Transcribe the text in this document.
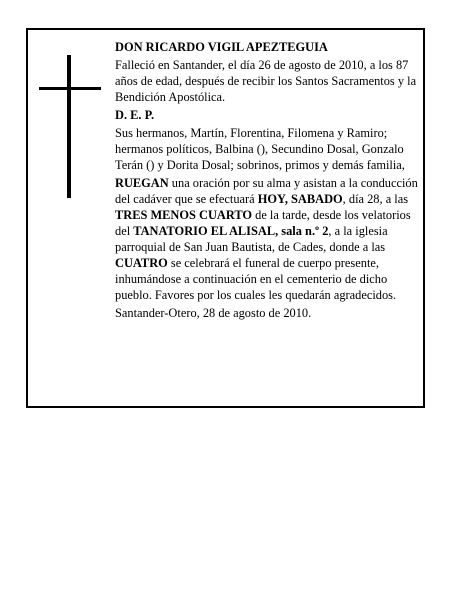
DON RICARDO VIGIL APEZTEGUIA

Falleció en Santander, el día 26 de agosto de 2010, a los 87 años de edad, después de recibir los Santos Sacramentos y la Bendición Apostólica.

D. E. P.

Sus hermanos, Martín, Florentina, Filomena y Ramiro; hermanos políticos, Balbina (), Secundino Dosal, Gonzalo Terán () y Dorita Dosal; sobrinos, primos y demás familia,

RUEGAN una oración por su alma y asistan a la conducción del cadáver que se efectuará HOY, SABADO, día 28, a las TRES MENOS CUARTO de la tarde, desde los velatorios del TANATORIO EL ALISAL, sala n.º 2, a la iglesia parroquial de San Juan Bautista, de Cades, donde a las CUATRO se celebrará el funeral de cuerpo presente, inhumándose a continuación en el cementerio de dicho pueblo. Favores por los cuales les quedarán agradecidos.

Santander-Otero, 28 de agosto de 2010.
